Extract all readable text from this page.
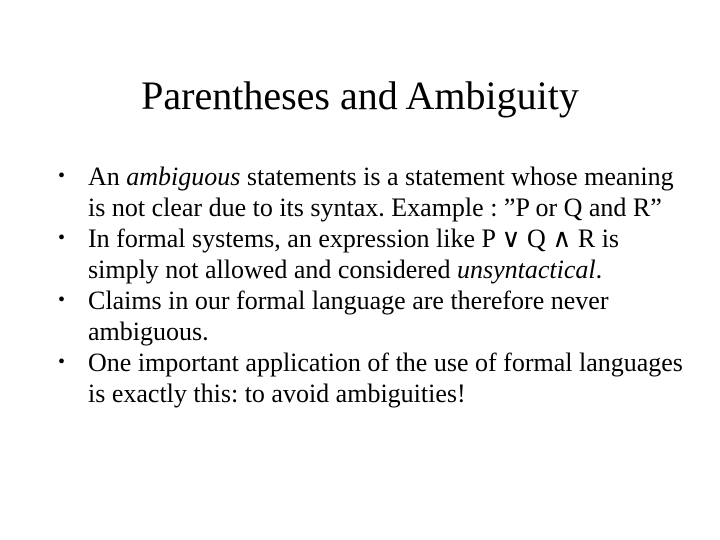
Parentheses and Ambiguity
• An ambiguous statements is a statement whose meaning is not clear due to its syntax. Example : ”P or Q and R”
• In formal systems, an expression like P ∨ Q ∧ R is simply not allowed and considered unsyntactical.
• Claims in our formal language are therefore never ambiguous.
• One important application of the use of formal languages is exactly this: to avoid ambiguities!
